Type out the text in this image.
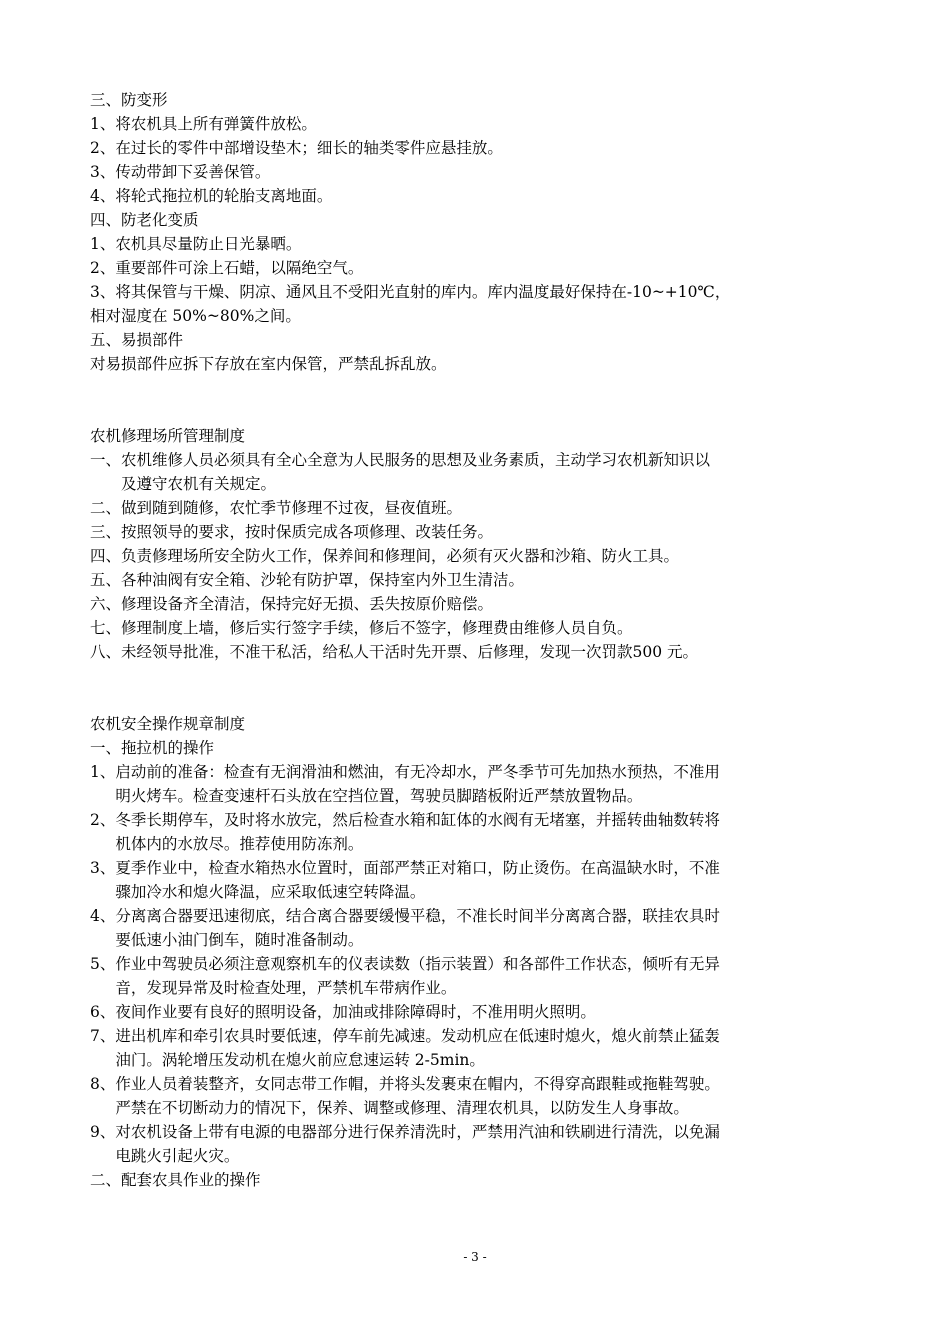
三、防变形
1、将农机具上所有弹簧件放松。
2、在过长的零件中部增设垫木；细长的轴类零件应悬挂放。
3、传动带卸下妥善保管。
4、将轮式拖拉机的轮胎支离地面。
四、防老化变质
1、农机具尽量防止日光暴晒。
2、重要部件可涂上石蜡，以隔绝空气。
3、将其保管与干燥、阴凉、通风且不受阳光直射的库内。库内温度最好保持在-10~+10℃，
相对湿度在 50%~80%之间。
五、易损部件
对易损部件应拆下存放在室内保管，严禁乱拆乱放。
农机修理场所管理制度
一、 农机维修人员必须具有全心全意为人民服务的思想及业务素质，主动学习农机新知识以
及遵守农机有关规定。
二、 做到随到随修，农忙季节修理不过夜，昼夜值班。
三、 按照领导的要求，按时保质完成各项修理、改装任务。
四、 负责修理场所安全防火工作，保养间和修理间，必须有灭火器和沙箱、防火工具。
五、 各种油阀有安全箱、沙轮有防护罩，保持室内外卫生清洁。
六、 修理设备齐全清洁，保持完好无损、丢失按原价赔偿。
七、 修理制度上墙，修后实行签字手续，修后不签字，修理费由维修人员自负。
八、 未经领导批准，不准干私活，给私人干活时先开票、后修理，发现一次罚款500 元。
农机安全操作规章制度
一、拖拉机的操作
1、 启动前的准备：检查有无润滑油和燃油，有无冷却水，严冬季节可先加热水预热，不准用
明火烤车。检查变速杆石头放在空挡位置，驾驶员脚踏板附近严禁放置物品。
2、 冬季长期停车，及时将水放完，然后检查水箱和缸体的水阀有无堵塞，并摇转曲轴数转将
机体内的水放尽。推荐使用防冻剂。
3、 夏季作业中，检查水箱热水位置时，面部严禁正对箱口，防止烫伤。在高温缺水时，不准
骤加冷水和熄火降温，应采取低速空转降温。
4、 分离离合器要迅速彻底，结合离合器要缓慢平稳，不准长时间半分离离合器，联挂农具时
要低速小油门倒车，随时准备制动。
5、 作业中驾驶员必须注意观察机车的仪表读数（指示装置）和各部件工作状态，倾听有无异
音，发现异常及时检查处理，严禁机车带病作业。
6、 夜间作业要有良好的照明设备，加油或排除障碍时，不准用明火照明。
7、 进出机库和牵引农具时要低速，停车前先减速。发动机应在低速时熄火，熄火前禁止猛轰
油门。涡轮增压发动机在熄火前应怠速运转 2-5min。
8、 作业人员着装整齐，女同志带工作帽，并将头发裹束在帽内，不得穿高跟鞋或拖鞋驾驶。
严禁在不切断动力的情况下，保养、调整或修理、清理农机具，以防发生人身事故。
9、 对农机设备上带有电源的电器部分进行保养清洗时，严禁用汽油和铁刷进行清洗，以免漏
电跳火引起火灾。
二、配套农具作业的操作
- 3 -
